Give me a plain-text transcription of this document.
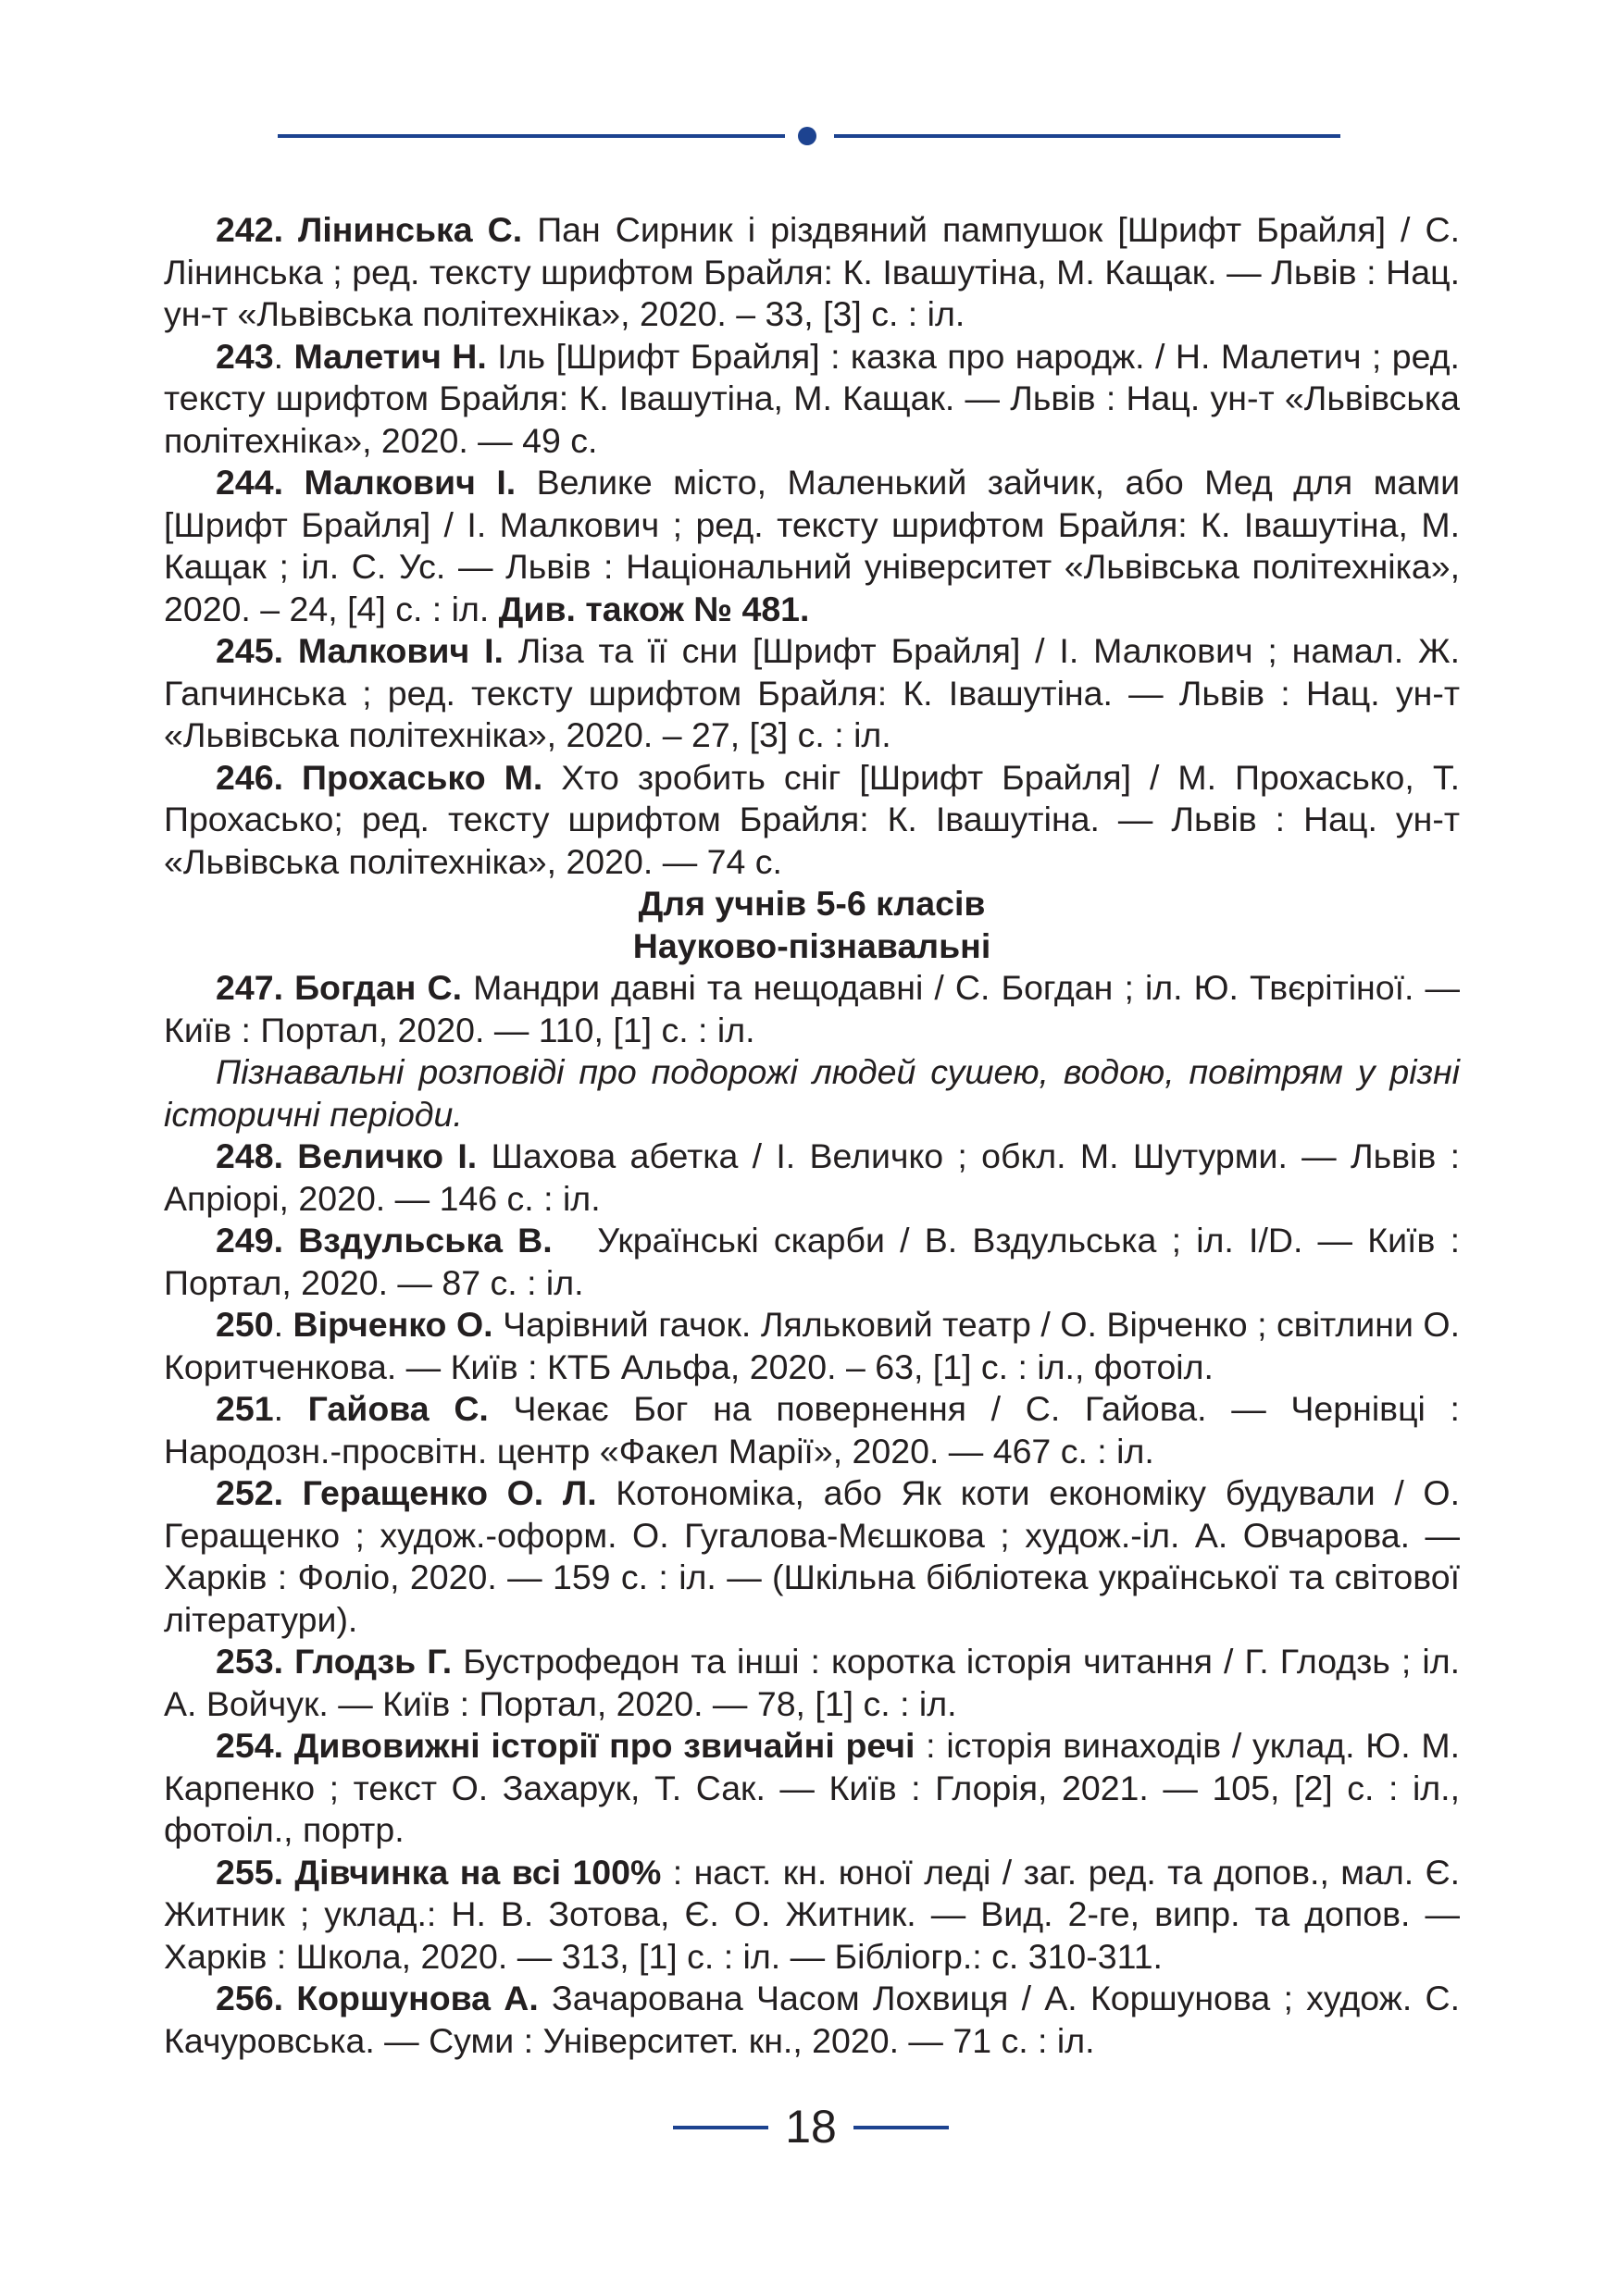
242. Лінинська С. Пан Сирник і різдвяний пампушок [Шрифт Брайля] / С. Лінинська ; ред. тексту шрифтом Брайля: К. Івашутіна, М. Кащак. — Львів : Нац. ун-т «Львівська політехніка», 2020. – 33, [3] с. : іл.

243. Малетич Н. Іль [Шрифт Брайля] : казка про народж. / Н. Малетич ; ред. тексту шрифтом Брайля: К. Івашутіна, М. Кащак. — Львів : Нац. ун-т «Львівська політехніка», 2020. — 49 с.

244. Малкович І. Велике місто, Маленький зайчик, або Мед для мами [Шрифт Брайля] / І. Малкович ; ред. тексту шрифтом Брайля: К. Івашутіна, М. Кащак ; іл. С. Ус. — Львів : Національний університет «Львівська політехніка», 2020. – 24, [4] с. : іл. Див. також № 481.

245. Малкович І. Ліза та її сни [Шрифт Брайля] / І. Малкович ; намал. Ж. Гапчинська ; ред. тексту шрифтом Брайля: К. Івашутіна. — Львів : Нац. ун-т «Львівська політехніка», 2020. – 27, [3] с. : іл.

246. Прохасько М. Хто зробить сніг [Шрифт Брайля] / М. Прохасько, Т. Прохасько; ред. тексту шрифтом Брайля: К. Івашутіна. — Львів : Нац. ун-т «Львівська політехніка», 2020. — 74 с.

Для учнів 5-6 класів

Науково-пізнавальні

247. Богдан С. Мандри давні та нещодавні / С. Богдан ; іл. Ю. Твєрітіної. — Київ : Портал, 2020. — 110, [1] с. : іл.

Пізнавальні розповіді про подорожі людей сушею, водою, повітрям у різні історичні періоди.

248. Величко І. Шахова абетка / І. Величко ; обкл. М. Шутурми. — Львів : Апріорі, 2020. — 146 с. : іл.

249. Вздульська В.   Українські скарби / В. Вздульська ; іл. I/D. — Київ : Портал, 2020. — 87 с. : іл.

250. Вірченко О. Чарівний гачок. Ляльковий театр / О. Вірченко ; світлини О. Коритченкова. — Київ : КТБ Альфа, 2020. – 63, [1] с. : іл., фотоіл.

251. Гайова С. Чекає Бог на повернення / С. Гайова. — Чернівці : Народозн.-просвітн. центр «Факел Марії», 2020. — 467 с. : іл.

252. Геращенко О. Л. Котономіка, або Як коти економіку будували / О. Геращенко ; худож.-оформ. О. Гугалова-Мєшкова ; худож.-іл. А. Овчарова. — Харків : Фоліо, 2020. — 159 с. : іл. — (Шкільна бібліотека української та світової літератури).

253. Глодзь Г. Бустрофедон та інші : коротка історія читання / Г. Глодзь ; іл. А. Войчук. — Київ : Портал, 2020. — 78, [1] с. : іл.

254. Дивовижні історії про звичайні речі : історія винаходів / уклад. Ю. М. Карпенко ; текст О. Захарук, Т. Сак. — Київ : Глорія, 2021. — 105, [2] с. : іл., фотоіл., портр.

255. Дівчинка на всі 100% : наст. кн. юної леді / заг. ред. та допов., мал. Є. Житник ; уклад.: Н. В. Зотова, Є. О. Житник. — Вид. 2-ге, випр. та допов. — Харків : Школа, 2020. — 313, [1] с. : іл. — Бібліогр.: с. 310-311.

256. Коршунова А. Зачарована Часом Лохвиця / А. Коршунова ; худож. С. Качуровська. — Суми : Університет. кн., 2020. — 71 с. : іл.

18
